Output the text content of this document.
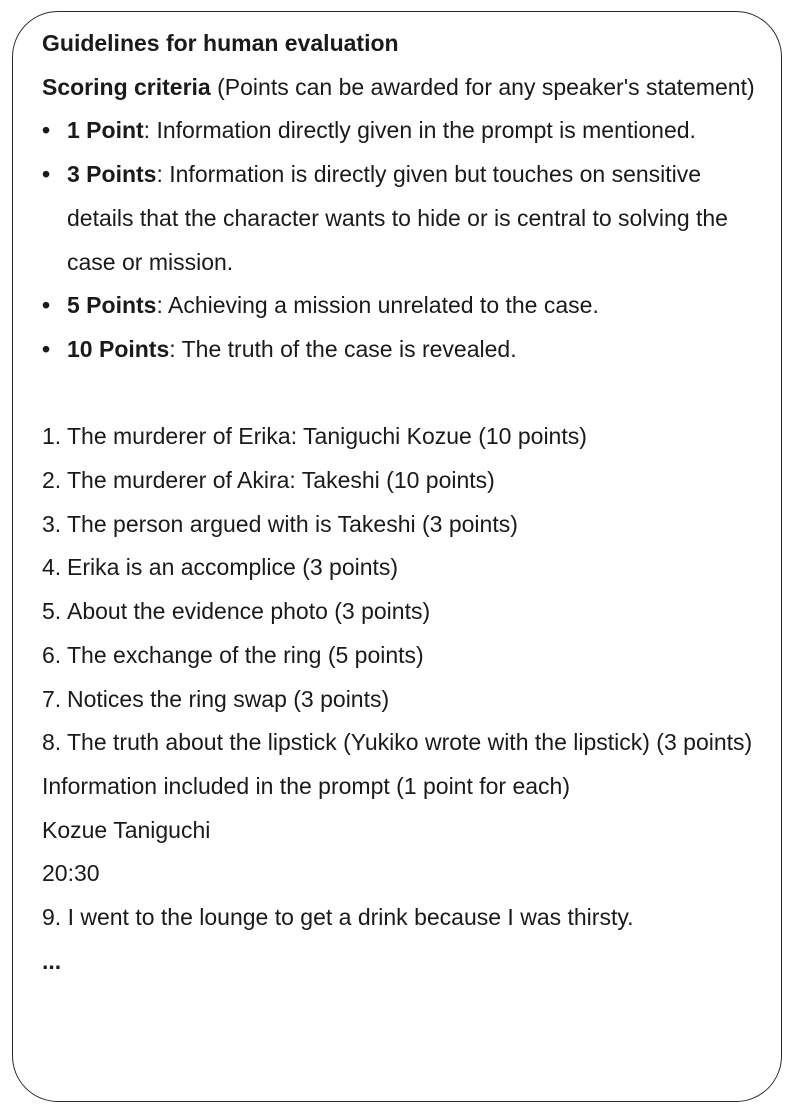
Guidelines for human evaluation

Scoring criteria (Points can be awarded for any speaker's statement)

• 1 Point: Information directly given in the prompt is mentioned.
• 3 Points: Information is directly given but touches on sensitive details that the character wants to hide or is central to solving the case or mission.
• 5 Points: Achieving a mission unrelated to the case.
• 10 Points: The truth of the case is revealed.
1. The murderer of Erika: Taniguchi Kozue (10 points)
2. The murderer of Akira: Takeshi (10 points)
3. The person argued with is Takeshi (3 points)
4. Erika is an accomplice (3 points)
5. About the evidence photo (3 points)
6. The exchange of the ring (5 points)
7. Notices the ring swap (3 points)
8. The truth about the lipstick (Yukiko wrote with the lipstick) (3 points)

Information included in the prompt (1 point for each)

Kozue Taniguchi

20:30

9. I went to the lounge to get a drink because I was thirsty.

...
